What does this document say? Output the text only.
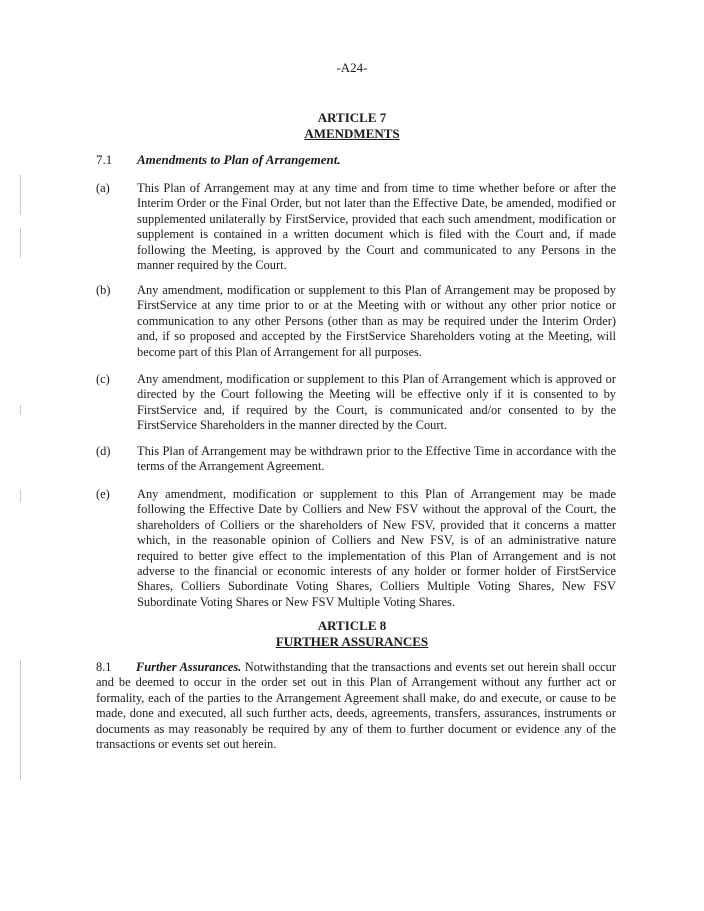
-A24-
ARTICLE 7
AMENDMENTS
7.1 Amendments to Plan of Arrangement.
(a) This Plan of Arrangement may at any time and from time to time whether before or after the Interim Order or the Final Order, but not later than the Effective Date, be amended, modified or supplemented unilaterally by FirstService, provided that each such amendment, modification or supplement is contained in a written document which is filed with the Court and, if made following the Meeting, is approved by the Court and communicated to any Persons in the manner required by the Court.
(b) Any amendment, modification or supplement to this Plan of Arrangement may be proposed by FirstService at any time prior to or at the Meeting with or without any other prior notice or communication to any other Persons (other than as may be required under the Interim Order) and, if so proposed and accepted by the FirstService Shareholders voting at the Meeting, will become part of this Plan of Arrangement for all purposes.
(c) Any amendment, modification or supplement to this Plan of Arrangement which is approved or directed by the Court following the Meeting will be effective only if it is consented to by FirstService and, if required by the Court, is communicated and/or consented to by the FirstService Shareholders in the manner directed by the Court.
(d) This Plan of Arrangement may be withdrawn prior to the Effective Time in accordance with the terms of the Arrangement Agreement.
(e) Any amendment, modification or supplement to this Plan of Arrangement may be made following the Effective Date by Colliers and New FSV without the approval of the Court, the shareholders of Colliers or the shareholders of New FSV, provided that it concerns a matter which, in the reasonable opinion of Colliers and New FSV, is of an administrative nature required to better give effect to the implementation of this Plan of Arrangement and is not adverse to the financial or economic interests of any holder or former holder of FirstService Shares, Colliers Subordinate Voting Shares, Colliers Multiple Voting Shares, New FSV Subordinate Voting Shares or New FSV Multiple Voting Shares.
ARTICLE 8
FURTHER ASSURANCES
8.1 Further Assurances. Notwithstanding that the transactions and events set out herein shall occur and be deemed to occur in the order set out in this Plan of Arrangement without any further act or formality, each of the parties to the Arrangement Agreement shall make, do and execute, or cause to be made, done and executed, all such further acts, deeds, agreements, transfers, assurances, instruments or documents as may reasonably be required by any of them to further document or evidence any of the transactions or events set out herein.
